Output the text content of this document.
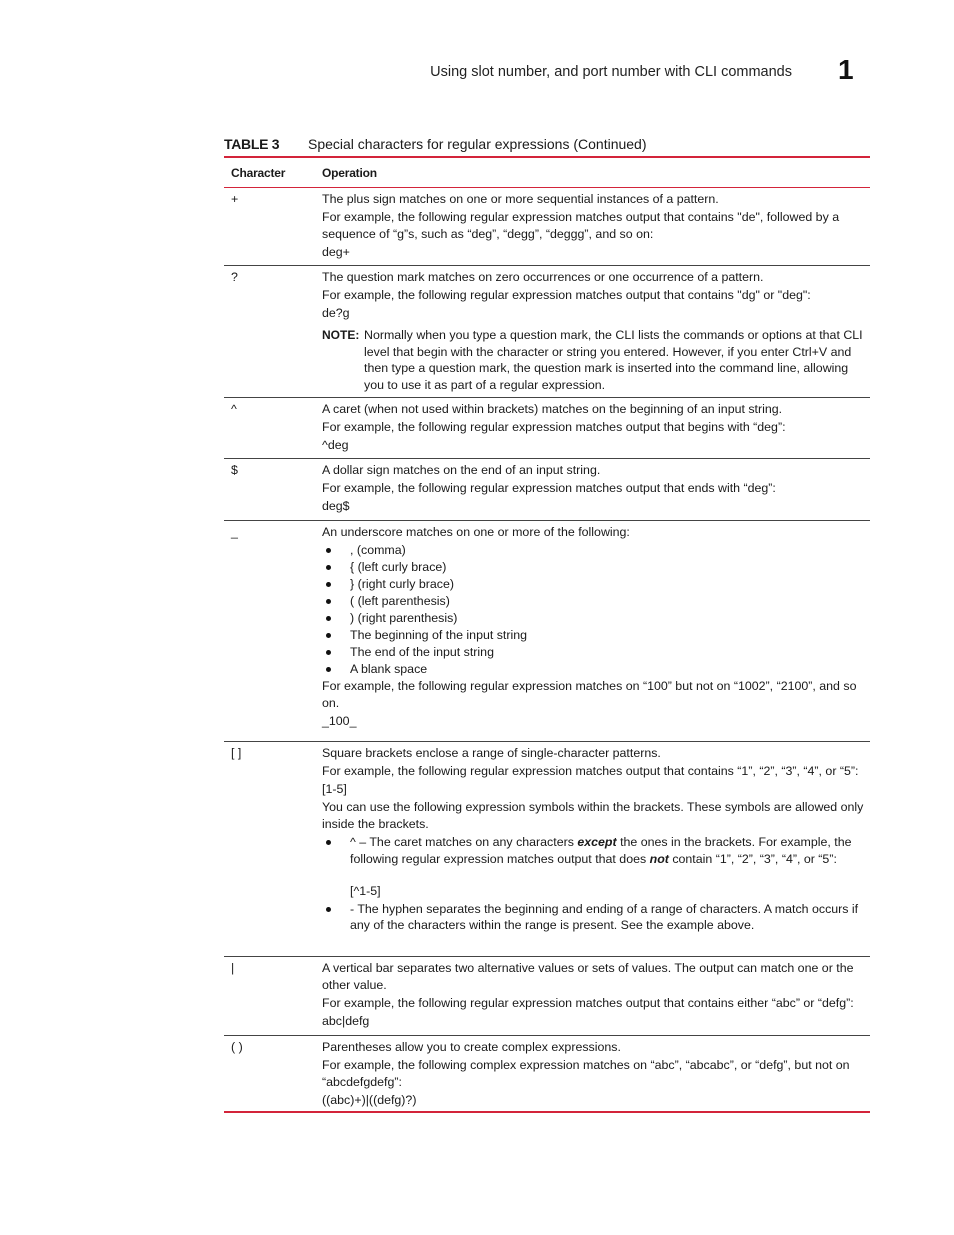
Using slot number, and port number with CLI commands 1
TABLE 3 Special characters for regular expressions (Continued)
Character	Operation
+	The plus sign matches on one or more sequential instances of a pattern.

For example, the following regular expression matches output that contains "de", followed by a sequence of “g”s, such as “deg”, “degg”, “deggg”, and so on:

deg+

?	The question mark matches on zero occurrences or one occurrence of a pattern.

For example, the following regular expression matches output that contains "dg" or "deg":

de?g

NOTE: Normally when you type a question mark, the CLI lists the commands or options at that CLI level that begin with the character or string you entered. However, if you enter Ctrl+V and then type a question mark, the question mark is inserted into the command line, allowing you to use it as part of a regular expression.
^	A caret (when not used within brackets) matches on the beginning of an input string.

For example, the following regular expression matches output that begins with “deg”:

^deg

$	A dollar sign matches on the end of an input string.

For example, the following regular expression matches output that ends with “deg”:

deg$

_	An underscore matches on one or more of the following:

, (comma)
{ (left curly brace)
} (right curly brace)
( (left parenthesis)
) (right parenthesis)
The beginning of the input string
The end of the input string
A blank space

For example, the following regular expression matches on “100” but not on “1002”, “2100”, and so on.

_100_

[ ]	Square brackets enclose a range of single-character patterns.

For example, the following regular expression matches output that contains “1”, “2”, “3”, “4”, or “5”:

[1-5]

You can use the following expression symbols within the brackets. These symbols are allowed only inside the brackets.

^ – The caret matches on any characters except the ones in the brackets. For example, the following regular expression matches output that does not contain “1”, “2”, “3”, “4”, or “5”:
[^1-5]
- The hyphen separates the beginning and ending of a range of characters. A match occurs if any of the characters within the range is present. See the example above.
|	A vertical bar separates two alternative values or sets of values. The output can match one or the other value.

For example, the following regular expression matches output that contains either “abc” or “defg”:

abc|defg

( )	Parentheses allow you to create complex expressions.

For example, the following complex expression matches on “abc”, “abcabc”, or “defg”, but not on “abcdefgdefg”:

((abc)+)|((defg)?)
